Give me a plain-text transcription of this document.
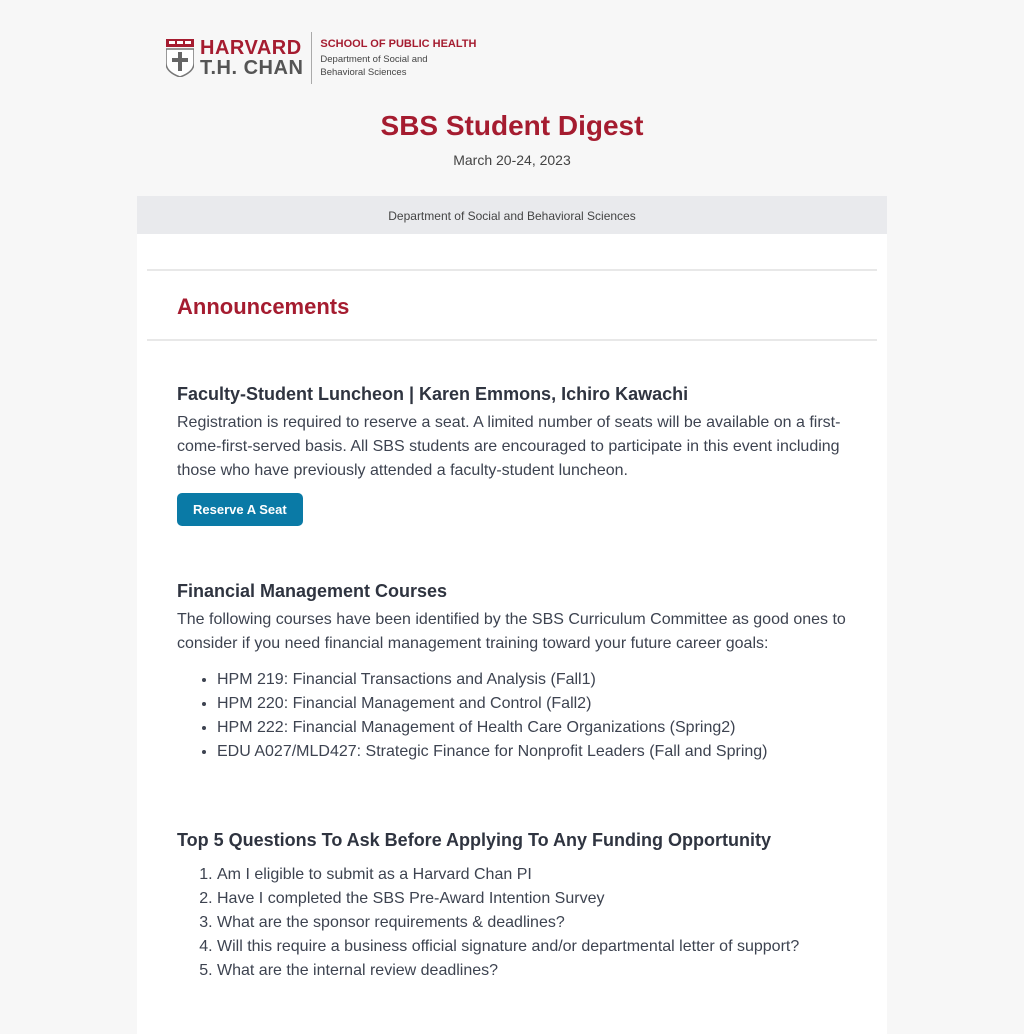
HARVARD
T.H. CHAN
SCHOOL OF PUBLIC HEALTH
Department of Social and
Behavioral Sciences
SBS Student Digest
March 20-24, 2023
Department of Social and Behavioral Sciences
Announcements
Faculty-Student Luncheon | Karen Emmons, Ichiro Kawachi

Registration is required to reserve a seat. A limited number of seats will be available on a first-come-first-served basis. All SBS students are encouraged to participate in this event including those who have previously attended a faculty-student luncheon.

Reserve A Seat
Financial Management Courses

The following courses have been identified by the SBS Curriculum Committee as good ones to consider if you need financial management training toward your future career goals:

• HPM 219: Financial Transactions and Analysis (Fall1)
• HPM 220: Financial Management and Control (Fall2)
• HPM 222: Financial Management of Health Care Organizations (Spring2)
• EDU A027/MLD427: Strategic Finance for Nonprofit Leaders (Fall and Spring)
Top 5 Questions To Ask Before Applying To Any Funding Opportunity
1. Am I eligible to submit as a Harvard Chan PI
2. Have I completed the SBS Pre-Award Intention Survey
3. What are the sponsor requirements & deadlines?
4. Will this require a business official signature and/or departmental letter of support?
5. What are the internal review deadlines?
